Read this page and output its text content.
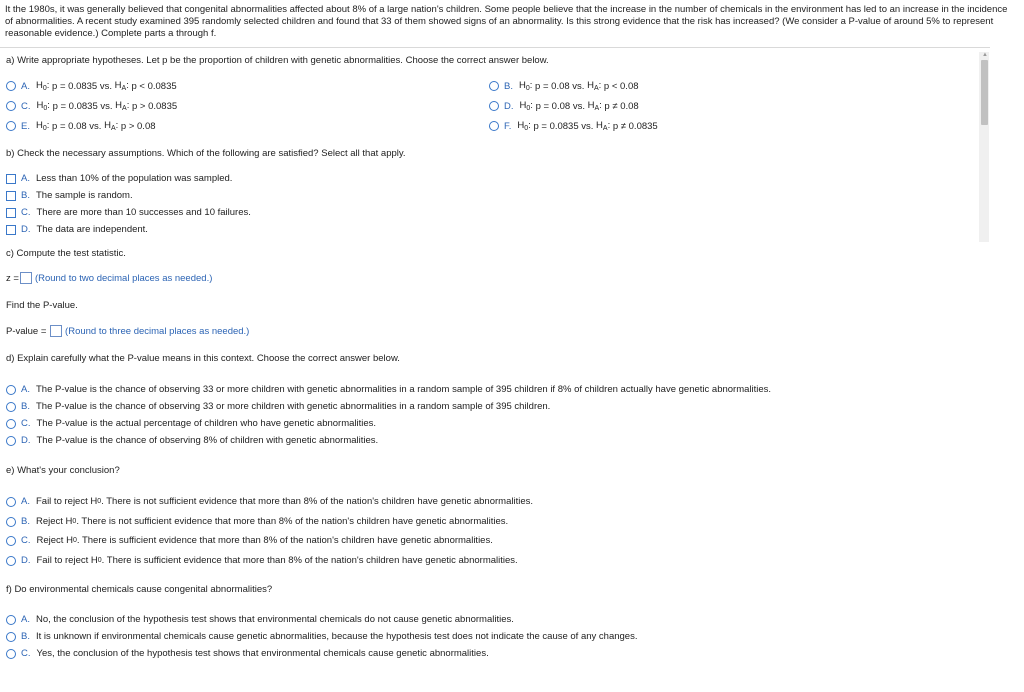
It the 1980s, it was generally believed that congenital abnormalities affected about 8% of a large nation's children. Some people believe that the increase in the number of chemicals in the environment has led to an increase in the incidence of abnormalities. A recent study examined 395 randomly selected children and found that 33 of them showed signs of an abnormality. Is this strong evidence that the risk has increased? (We consider a P-value of around 5% to represent reasonable evidence.) Complete parts a through f.
▲
a) Write appropriate hypotheses. Let p be the proportion of children with genetic abnormalities. Choose the correct answer below.
A. $H_0$:
p = 0.0835
vs.
$H_A$:
p < 0.0835	B. $H_0$:
p = 0.08
vs.
$H_A$:
p < 0.08
C. $H_0$:
p = 0.0835
vs.
$H_A$:
p > 0.0835	D. $H_0$:
p = 0.08
vs.
$H_A$:
p ≠ 0.08
E. $H_0$:
p = 0.08
vs.
$H_A$:
p > 0.08	F. $H_0$:
p = 0.0835
vs.
$H_A$:
p ≠ 0.0835
b) Check the necessary assumptions. Which of the following are satisfied? Select all that apply.
A. Less than 10% of the population was sampled.
B. The sample is random.
C. There are more than 10 successes and 10 failures.
D. The data are independent.
c) Compute the test statistic.
z = (Round to two decimal places as needed.)
Find the P-value.
P-value =
(Round to three decimal places as needed.)
d) Explain carefully what the P-value means in this context. Choose the correct answer below.
A. The P-value is the chance of observing 33 or more children with genetic abnormalities in a random sample of 395 children if 8% of children actually have genetic abnormalities.
B. The P-value is the chance of observing 33 or more children with genetic abnormalities in a random sample of 395 children.
C. The P-value is the actual percentage of children who have genetic abnormalities.
D. The P-value is the chance of observing 8% of children with genetic abnormalities.
e) What's your conclusion?
A. Fail to reject H 0 . There is not sufficient evidence that more than 8% of the nation's children have genetic abnormalities.
B. Reject H 0 . There is not sufficient evidence that more than 8% of the nation's children have genetic abnormalities.
C. Reject H 0 . There is sufficient evidence that more than 8% of the nation's children have genetic abnormalities.
D. Fail to reject H 0 . There is sufficient evidence that more than 8% of the nation's children have genetic abnormalities.
f) Do environmental chemicals cause congenital abnormalities?
A. No, the conclusion of the hypothesis test shows that environmental chemicals do not cause genetic abnormalities.
B. It is unknown if environmental chemicals cause genetic abnormalities, because the hypothesis test does not indicate the cause of any changes.
C. Yes, the conclusion of the hypothesis test shows that environmental chemicals cause genetic abnormalities.
